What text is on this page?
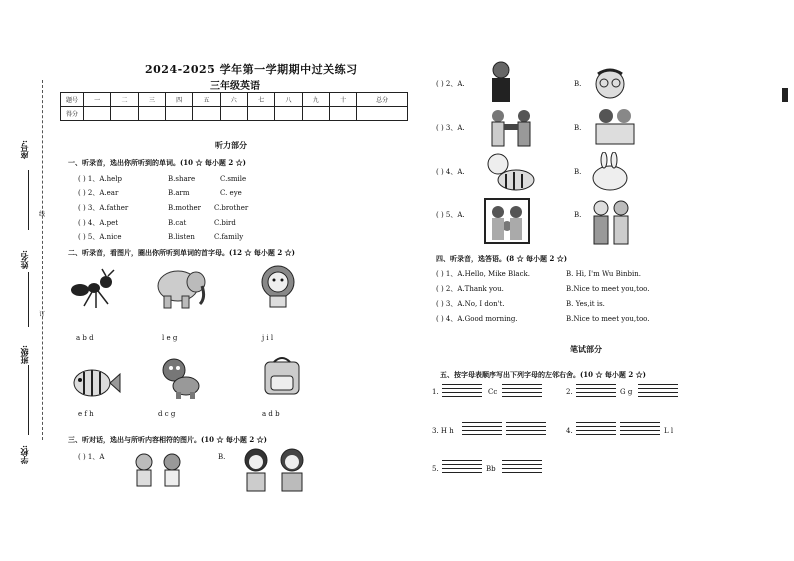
座号:
姓名:
班级:
学校:
线
订
2024-2025 学年第一学期期中过关练习
三年级英语
题号	一	二	三	四	五	六	七	八	九	十	总分
得分											
听力部分
一、听录音，选出你所听到的单词。(10 ☆ 每小题 2 ☆)
( ) 1、A.help	B.share	C.smile
( ) 2、A.ear	B.arm	C. eye
( ) 3、A.father	B.mother C.brother
( ) 4、A.pet	B.cat	C.bird
( ) 5、A.nice	B.listen	C.family
二、听录音，看图片，圈出你所听到单词的首字母。(12 ☆ 每小题 2 ☆)
a b d	l e g	j i l
e f h	d c g	a d b
三、听对话，选出与所听内容相符的图片。(10 ☆ 每小题 2 ☆)
( ) 1、A	B.
( ) 2、A.	B.
( ) 3、A.	B.
( ) 4、A.	B.
( ) 5、A.	B.
四、听录音，选答语。(8 ☆ 每小题 2 ☆)
( ) 1、A.Hello, Mike Black.	B. Hi, I'm Wu Binbin.
( ) 2、A.Thank you.	B.Nice to meet you,too.
( ) 3、A.No, I don't.	B. Yes,it is.
( ) 4、A.Good morning.	B.Nice to meet you,too.
笔试部分
五、按字母表顺序写出下列字母的左邻右舍。(10 ☆ 每小题 2 ☆)
1.	Cc	2.	G g
3. H h	4.	L l
5.	Bb
